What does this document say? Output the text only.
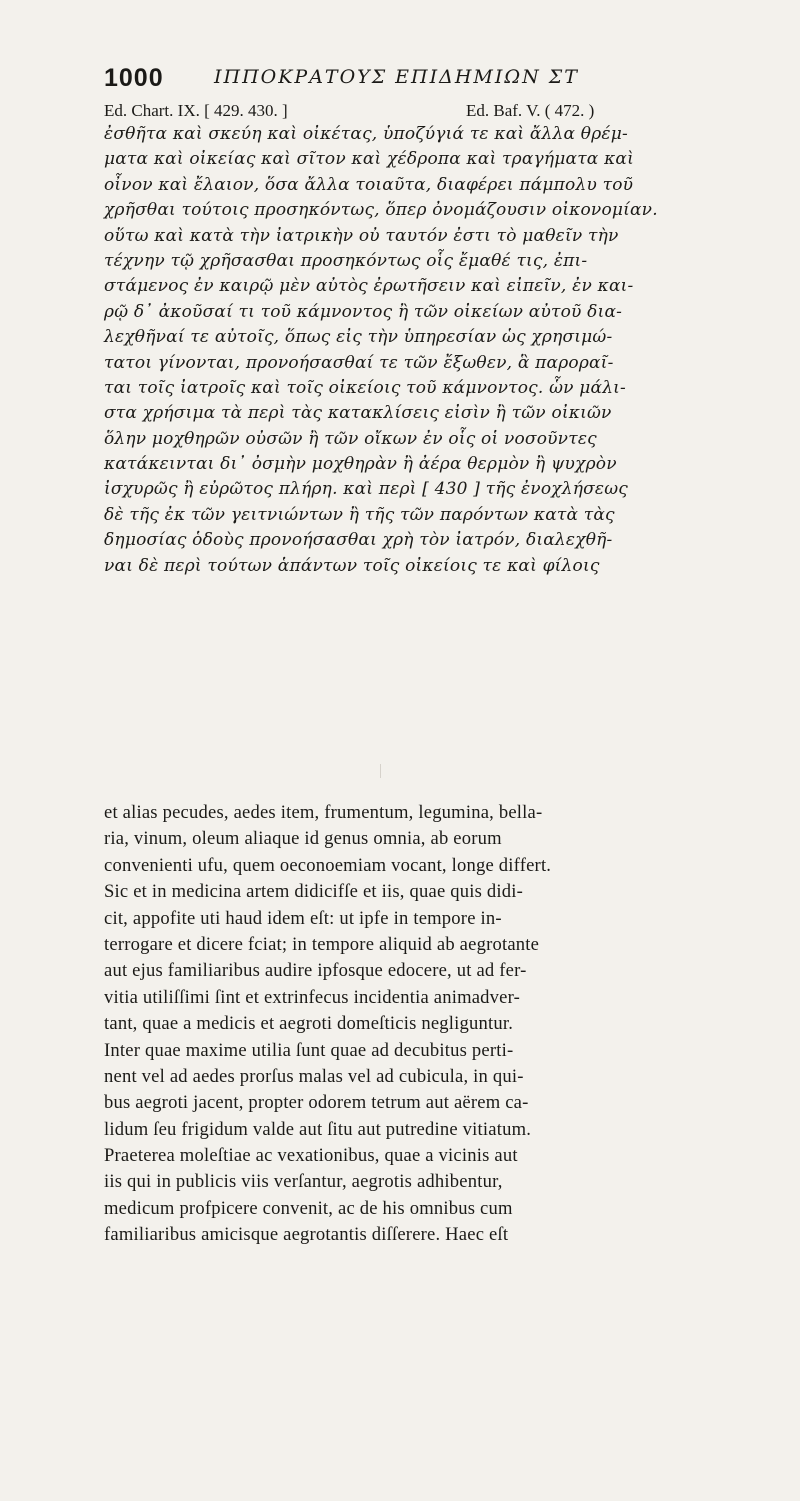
1000	ΙΠΠΟΚΡΑΤΟΥΣ ΕΠΙΔΗΜΙΩΝ ΣΤ
Ed. Chart. IX. [ 429. 430. ]	Ed. Baf. V. ( 472. )
ἐσθῆτα καὶ σκεύη καὶ οἰκέτας, ὑποζύγιά τε καὶ ἄλλα θρέμ-
ματα καὶ οἰκείας καὶ σῖτον καὶ χέδροπα καὶ τραγήματα καὶ
οἶνον καὶ ἔλαιον, ὅσα ἄλλα τοιαῦτα, διαφέρει πάμπολυ τοῦ
χρῆσθαι τούτοις προσηκόντως, ὅπερ ὀνομάζουσιν οἰκονομίαν.
οὕτω καὶ κατὰ τὴν ἰατρικὴν οὐ ταυτόν ἐστι τὸ μαθεῖν τὴν
τέχνην τῷ χρῆσασθαι προσηκόντως οἷς ἔμαθέ τις, ἐπι-
στάμενος ἐν καιρῷ μὲν αὐτὸς ἐρωτῆσειν καὶ εἰπεῖν, ἐν και-
ρῷ δ᾽ ἀκοῦσαί τι τοῦ κάμνοντος ἢ τῶν οἰκείων αὐτοῦ δια-
λεχθῆναί τε αὐτοῖς, ὅπως εἰς τὴν ὑπηρεσίαν ὡς χρησιμώ-
τατοι γίνονται, προνοήσασθαί τε τῶν ἔξωθεν, ἃ παροραῖ-
ται τοῖς ἰατροῖς καὶ τοῖς οἰκείοις τοῦ κάμνοντος. ὧν μάλι-
στα χρήσιμα τὰ περὶ τὰς κατακλίσεις εἰσὶν ἢ τῶν οἰκιῶν
ὅλην μοχθηρῶν οὐσῶν ἢ τῶν οἴκων ἐν οἷς οἱ νοσοῦντες
κατάκεινται δι᾽ ὀσμὴν μοχθηρὰν ἢ ἀέρα θερμὸν ἢ ψυχρὸν
ἰσχυρῶς ἢ εὐρῶτος πλήρη. καὶ περὶ [ 430 ] τῆς ἐνοχλήσεως
δὲ τῆς ἐκ τῶν γειτνιώντων ἢ τῆς τῶν παρόντων κατὰ τὰς
δημοσίας ὁδοὺς προνοήσασθαι χρὴ τὸν ἰατρόν, διαλεχθῆ-
ναι δὲ περὶ τούτων ἁπάντων τοῖς οἰκείοις τε καὶ φίλοις
et alias pecudes, aedes item, frumentum, legumina, bella-
ria, vinum, oleum aliaque id genus omnia, ab eorum
convenienti ufu, quem oeconoemiam vocant, longe differt.
Sic et in medicina artem didicifſe et iis, quae quis didi-
cit, appofite uti haud idem eſt: ut ipfe in tempore in-
terrogare et dicere fciat; in tempore aliquid ab aegrotante
aut ejus familiaribus audire ipfosque edocere, ut ad fer-
vitia utiliſſimi ſint et extrinfecus incidentia animadver-
tant, quae a medicis et aegroti domeſticis negliguntur.
Inter quae maxime utilia ſunt quae ad decubitus perti-
nent vel ad aedes prorſus malas vel ad cubicula, in qui-
bus aegroti jacent, propter odorem tetrum aut aërem ca-
lidum ſeu frigidum valde aut ſitu aut putredine vitiatum.
Praeterea moleſtiae ac vexationibus, quae a vicinis aut
iis qui in publicis viis verſantur, aegrotis adhibentur,
medicum profpicere convenit, ac de his omnibus cum
familiaribus amicisque aegrotantis diſſerere. Haec eſt
